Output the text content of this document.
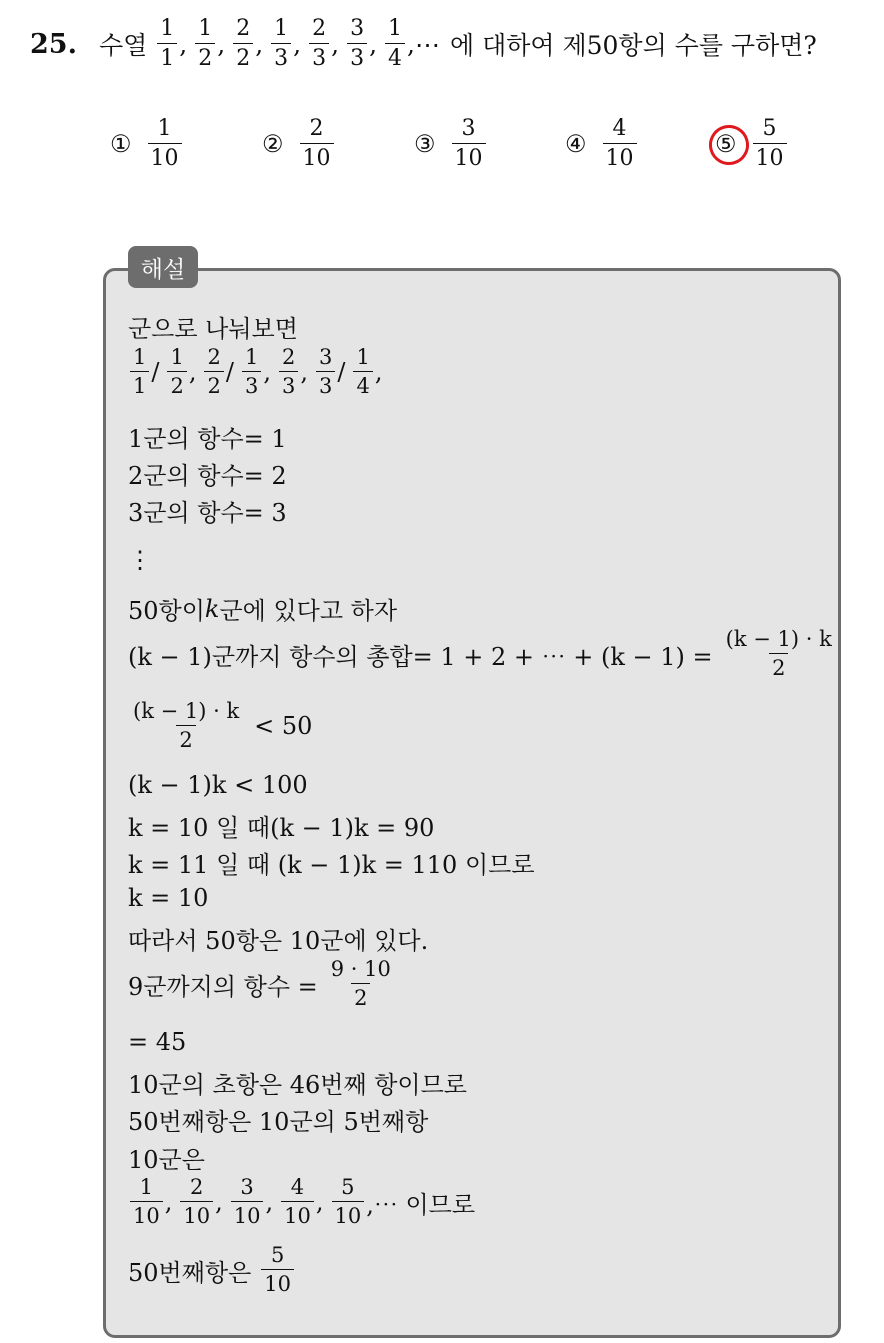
25. 수열 $\frac{1}{1}$ , $\frac{1}{2}$ , $\frac{2}{2}$ , $\frac{1}{3}$ , $\frac{2}{3}$ , $\frac{3}{3}$ , $\frac{1}{4}$ ,⋯ 에 대하여 제50항의 수를 구하면?
① $\frac{1}{10}$	② $\frac{2}{10}$	③ $\frac{3}{10}$	④ $\frac{4}{10}$	⑤ $\frac{5}{10}$
군으로 나눠보면
$\frac{1}{1} / \frac{1}{2}$ , $\frac{2}{2} / \frac{1}{3}$ , $\frac{2}{3}$ , $\frac{3}{3} / \frac{1}{4}$ ,
1군의 항수= 1
2군의 항수= 2
3군의 항수= 3
⋮
50항이 k 군에 있다고 하자
(k − 1)군까지 항수의 총합= 1 + 2 + ⋯ + $(k - 1) = \frac{(k - 1) \cdot k}{2}$
$\frac{(k - 1) \cdot k}{2} < 50$
(k − 1)k < 100
k = 10 일 때(k − 1)k = 90
k = 11 일 때 (k − 1)k = 110 이므로
k = 10
따라서 50항은 10군에 있다.
9군까지의 항수 = $\frac{9 \cdot 10}{2}$
= 45
10군의 초항은 46번째 항이므로
50번째항은 10군의 5번째항
10군은
$\frac{1}{10}$ , $\frac{2}{10}$ , $\frac{3}{10}$ , $\frac{4}{10}$ , $\frac{5}{10}$ ,⋯ 이므로
50번째항은 $\frac{5}{10}$
해설
